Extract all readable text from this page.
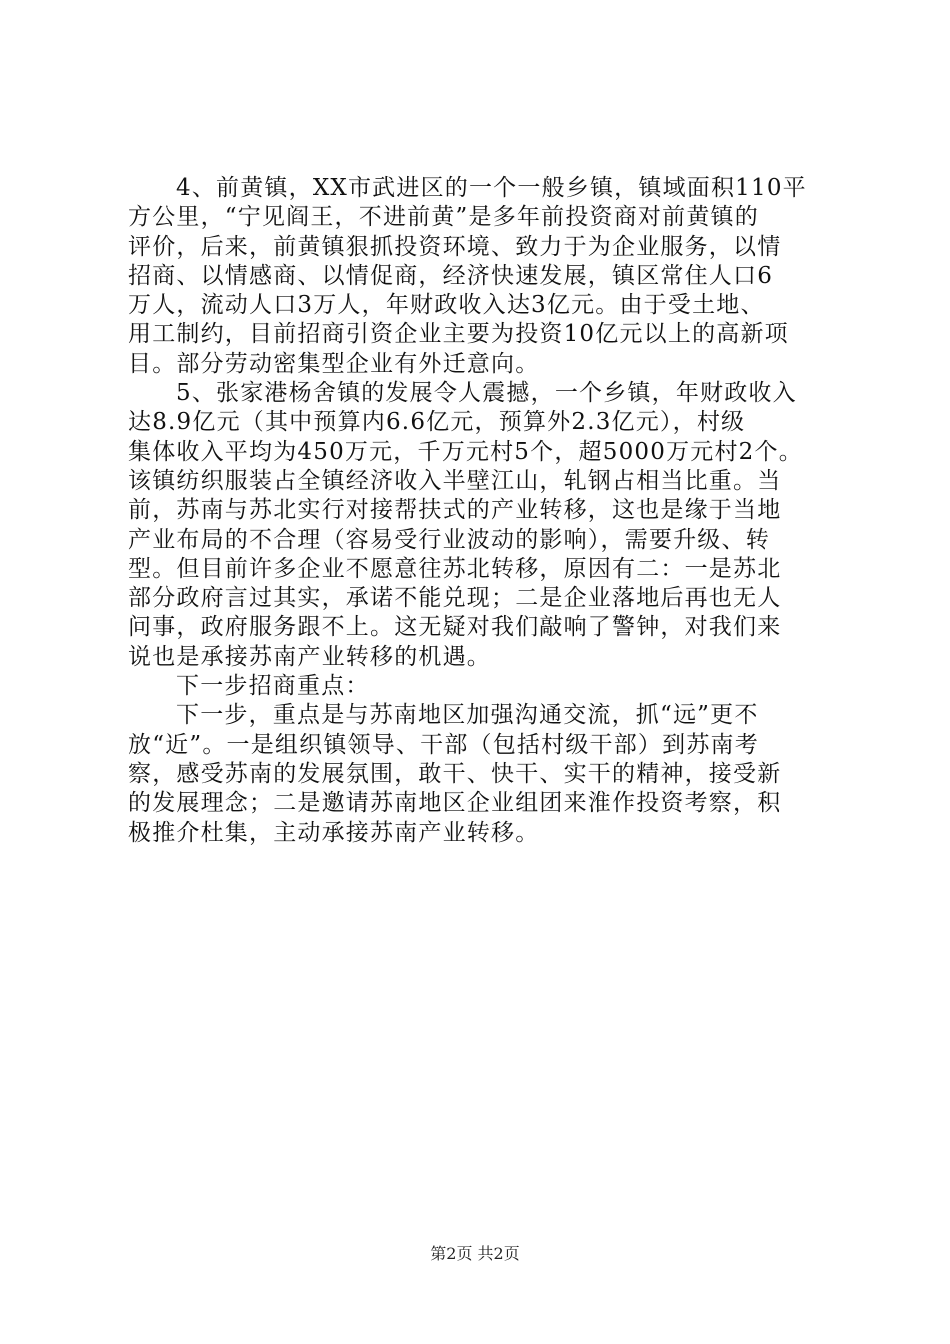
4、前黄镇，XX市武进区的一个一般乡镇，镇域面积110平
方公里，“宁见阎王，不进前黄”是多年前投资商对前黄镇的
评价，后来，前黄镇狠抓投资环境、致力于为企业服务，以情
招商、以情感商、以情促商，经济快速发展，镇区常住人口6
万人，流动人口3万人，年财政收入达3亿元。由于受土地、
用工制约，目前招商引资企业主要为投资10亿元以上的高新项
目。部分劳动密集型企业有外迁意向。
5、张家港杨舍镇的发展令人震撼，一个乡镇，年财政收入
达8.9亿元（其中预算内6.6亿元，预算外2.3亿元），村级
集体收入平均为450万元，千万元村5个，超5000万元村2个。
该镇纺织服装占全镇经济收入半壁江山，轧钢占相当比重。当
前，苏南与苏北实行对接帮扶式的产业转移，这也是缘于当地
产业布局的不合理（容易受行业波动的影响），需要升级、转
型。但目前许多企业不愿意往苏北转移，原因有二：一是苏北
部分政府言过其实，承诺不能兑现；二是企业落地后再也无人
问事，政府服务跟不上。这无疑对我们敲响了警钟，对我们来
说也是承接苏南产业转移的机遇。
下一步招商重点：
下一步，重点是与苏南地区加强沟通交流，抓“远”更不
放“近”。一是组织镇领导、干部（包括村级干部）到苏南考
察，感受苏南的发展氛围，敢干、快干、实干的精神，接受新
的发展理念；二是邀请苏南地区企业组团来淮作投资考察，积
极推介杜集，主动承接苏南产业转移。
第2页 共2页
